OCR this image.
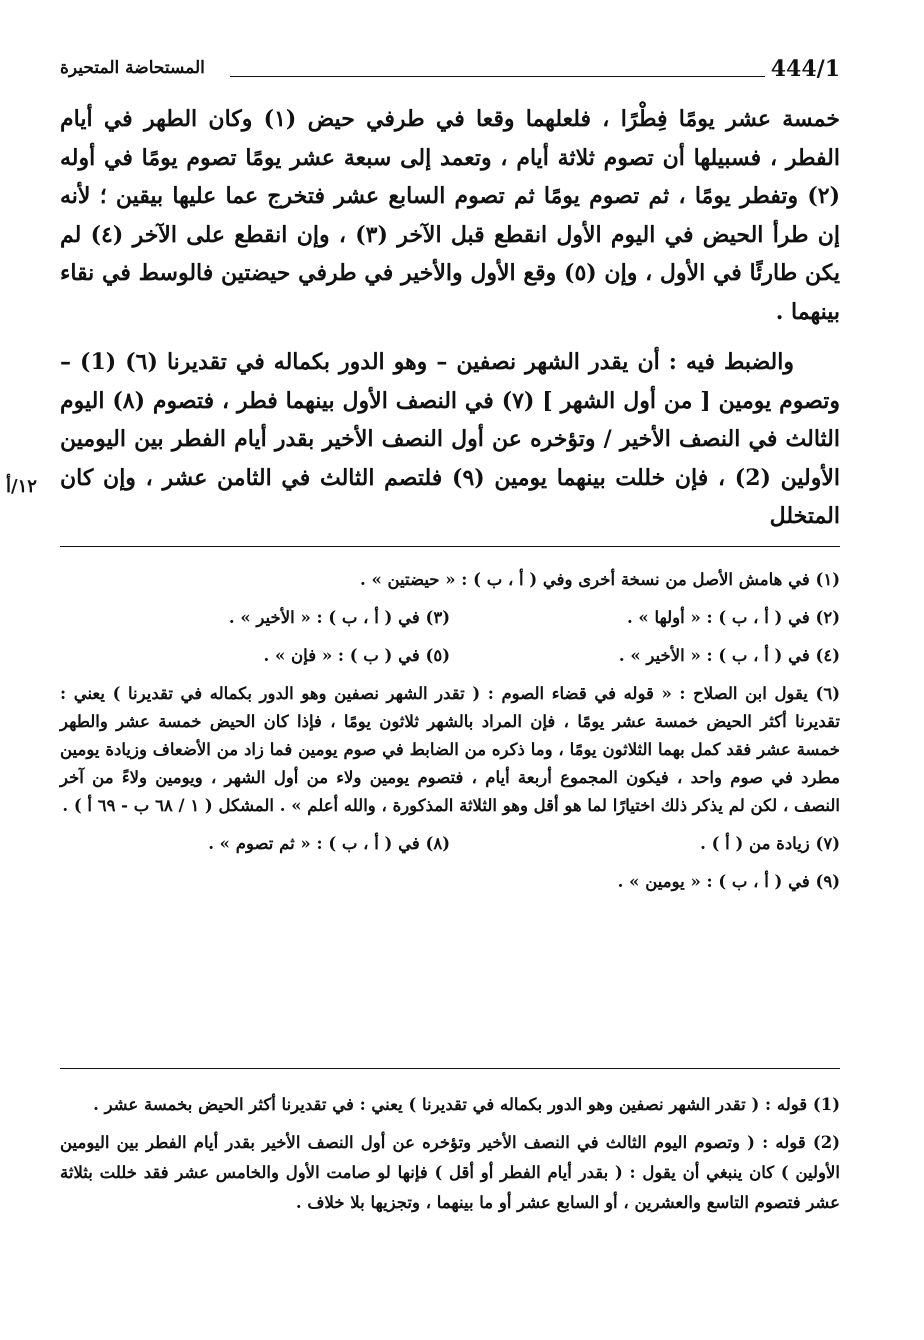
444/1
المستحاضة المتحيرة

خمسة عشر يومًا فِطْرًا ، فلعلهما وقعا في طرفي حيض (١) وكان الطهر في أيام الفطر ، فسبيلها أن تصوم ثلاثة أيام ، وتعمد إلى سبعة عشر يومًا تصوم يومًا في أوله (٢) وتفطر يومًا ، ثم تصوم يومًا ثم تصوم السابع عشر فتخرج عما عليها بيقين ؛ لأنه إن طرأ الحيض في اليوم الأول انقطع قبل الآخر (٣) ، وإن انقطع على الآخر (٤) لم يكن طارئًا في الأول ، وإن (٥) وقع الأول والأخير في طرفي حيضتين فالوسط في نقاء بينهما .

والضبط فيه : أن يقدر الشهر نصفين – وهو الدور بكماله في تقديرنا (٦) (1) – وتصوم يومين [ من أول الشهر ] (٧) في النصف الأول بينهما فطر ، فتصوم (٨) اليوم الثالث في النصف الأخير / وتؤخره عن أول النصف الأخير بقدر أيام الفطر بين اليومين الأولين (2) ، فإن خللت بينهما يومين (٩) فلتصم الثالث في الثامن عشر ، وإن كان المتخلل

١٢/أ

(١) في هامش الأصل من نسخة أخرى وفي ( أ ، ب ) : « حيضتين » .

(٢) في ( أ ، ب ) : « أولها » .
(٣) في ( أ ، ب ) : « الأخير » .
(٤) في ( أ ، ب ) : « الأخير » .
(٥) في ( ب ) : « فإن » .

(٦) يقول ابن الصلاح : « قوله في قضاء الصوم : ( تقدر الشهر نصفين وهو الدور بكماله في تقديرنا ) يعني : تقديرنا أكثر الحيض خمسة عشر يومًا ، فإن المراد بالشهر ثلاثون يومًا ، فإذا كان الحيض خمسة عشر والطهر خمسة عشر فقد كمل بهما الثلاثون يومًا ، وما ذكره من الضابط في صوم يومين فما زاد من الأضعاف وزيادة يومين مطرد في صوم واحد ، فيكون المجموع أربعة أيام ، فتصوم يومين ولاء من أول الشهر ، ويومين ولاءً من آخر النصف ، لكن لم يذكر ذلك اختيارًا لما هو أقل وهو الثلاثة المذكورة ، والله أعلم » . المشكل ( ١ / ٦٨ ب - ٦٩ أ ) .

(٧) زيادة من ( أ ) .
(٨) في ( أ ، ب ) : « ثم تصوم » .

(٩) في ( أ ، ب ) : « يومين » .

(1) قوله : ( تقدر الشهر نصفين وهو الدور بكماله في تقديرنا ) يعني : في تقديرنا أكثر الحيض بخمسة عشر .

(2) قوله : ( وتصوم اليوم الثالث في النصف الأخير وتؤخره عن أول النصف الأخير بقدر أيام الفطر بين اليومين الأولين ) كان ينبغي أن يقول : ( بقدر أيام الفطر أو أقل ) فإنها لو صامت الأول والخامس عشر فقد خللت بثلاثة عشر فتصوم التاسع والعشرين ، أو السابع عشر أو ما بينهما ، وتجزيها بلا خلاف .
